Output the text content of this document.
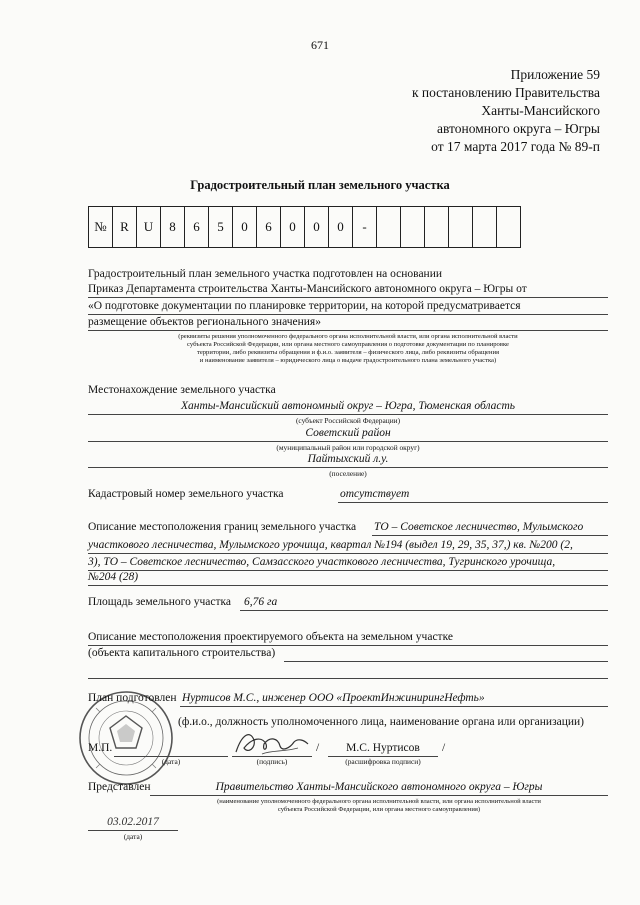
671
Приложение 59
к постановлению Правительства
Ханты-Мансийского
автономного округа – Югры
от 17 марта 2017 года № 89-п
Градостроительный план земельного участка
№	R	U	8	6	5	0	6	0	0	0	-						
Градостроительный план земельного участка подготовлен на основании
Приказ Департамента строительства Ханты-Мансийского автономного округа – Югры от
«О подготовке документации по планировке территории, на которой предусматривается
размещение объектов регионального значения»
(реквизиты решения уполномоченного федерального органа исполнительной власти, или органа исполнительной власти
субъекта Российской Федерации, или органа местного самоуправления о подготовке документации по планировке
территории, либо реквизиты обращения и ф.и.о. заявителя – физического лица, либо реквизиты обращения
и наименование заявителя – юридического лица о выдаче градостроительного плана земельного участка)
Местонахождение земельного участка
Ханты-Мансийский автономный округ – Югра, Тюменская область
(субъект Российской Федерации)
Советский район
(муниципальный район или городской округ)
Пайтыхский л.у.
(поселение)
Кадастровый номер земельного участка	отсутствует
Описание местоположения границ земельного участка ТО – Советское лесничество, Мулымского
участкового лесничества, Мулымского урочища, квартал №194 (выдел 19, 29, 35, 37,) кв. №200 (2,
3), ТО – Советское лесничество, Самзасского участкового лесничества, Тугринского урочища,
№204 (28)
Площадь земельного участка 6,76 га
Описание местоположения проектируемого объекта на земельном участке
(объекта капитального строительства)
План подготовлен Нуртисов М.С., инженер ООО «ПроектИнжинирингНефть»
(ф.и.о., должность уполномоченного лица, наименование органа или организации)
М.П.
(дата)	(подпись)
/	М.С. Нуртисов
(расшифровка подписи)
/
Представлен	Правительство Ханты-Мансийского автономного округа – Югры
(наименование уполномоченного федерального органа исполнительной власти, или органа исполнительной власти
субъекта Российской Федерации, или органа местного самоуправления)
03.02.2017
(дата)
